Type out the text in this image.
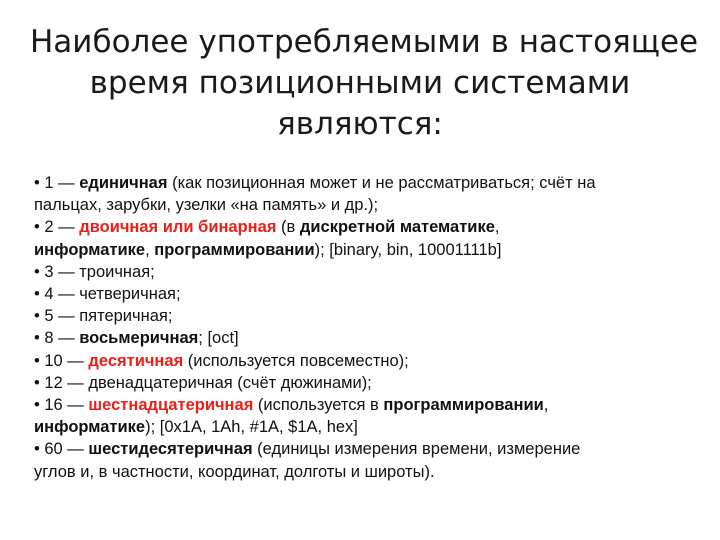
Наиболее употребляемыми в настоящее
время позиционными системами
являются:
• 1 — единичная (как позиционная может и не рассматриваться; счёт на
пальцах, зарубки, узелки «на память» и др.);
• 2 — двоичная или бинарная (в дискретной математике,
информатике, программировании); [binary, bin, 10001111b]
• 3 — троичная;
• 4 — четверичная;
• 5 — пятеричная;
• 8 — восьмеричная; [oct]
• 10 — десятичная (используется повсеместно);
• 12 — двенадцатеричная (счёт дюжинами);
• 16 — шестнадцатеричная (используется в программировании,
информатике); [0x1A, 1Ah, #1A, $1A, hex]
• 60 — шестидесятеричная (единицы измерения времени, измерение
углов и, в частности, координат, долготы и широты).
